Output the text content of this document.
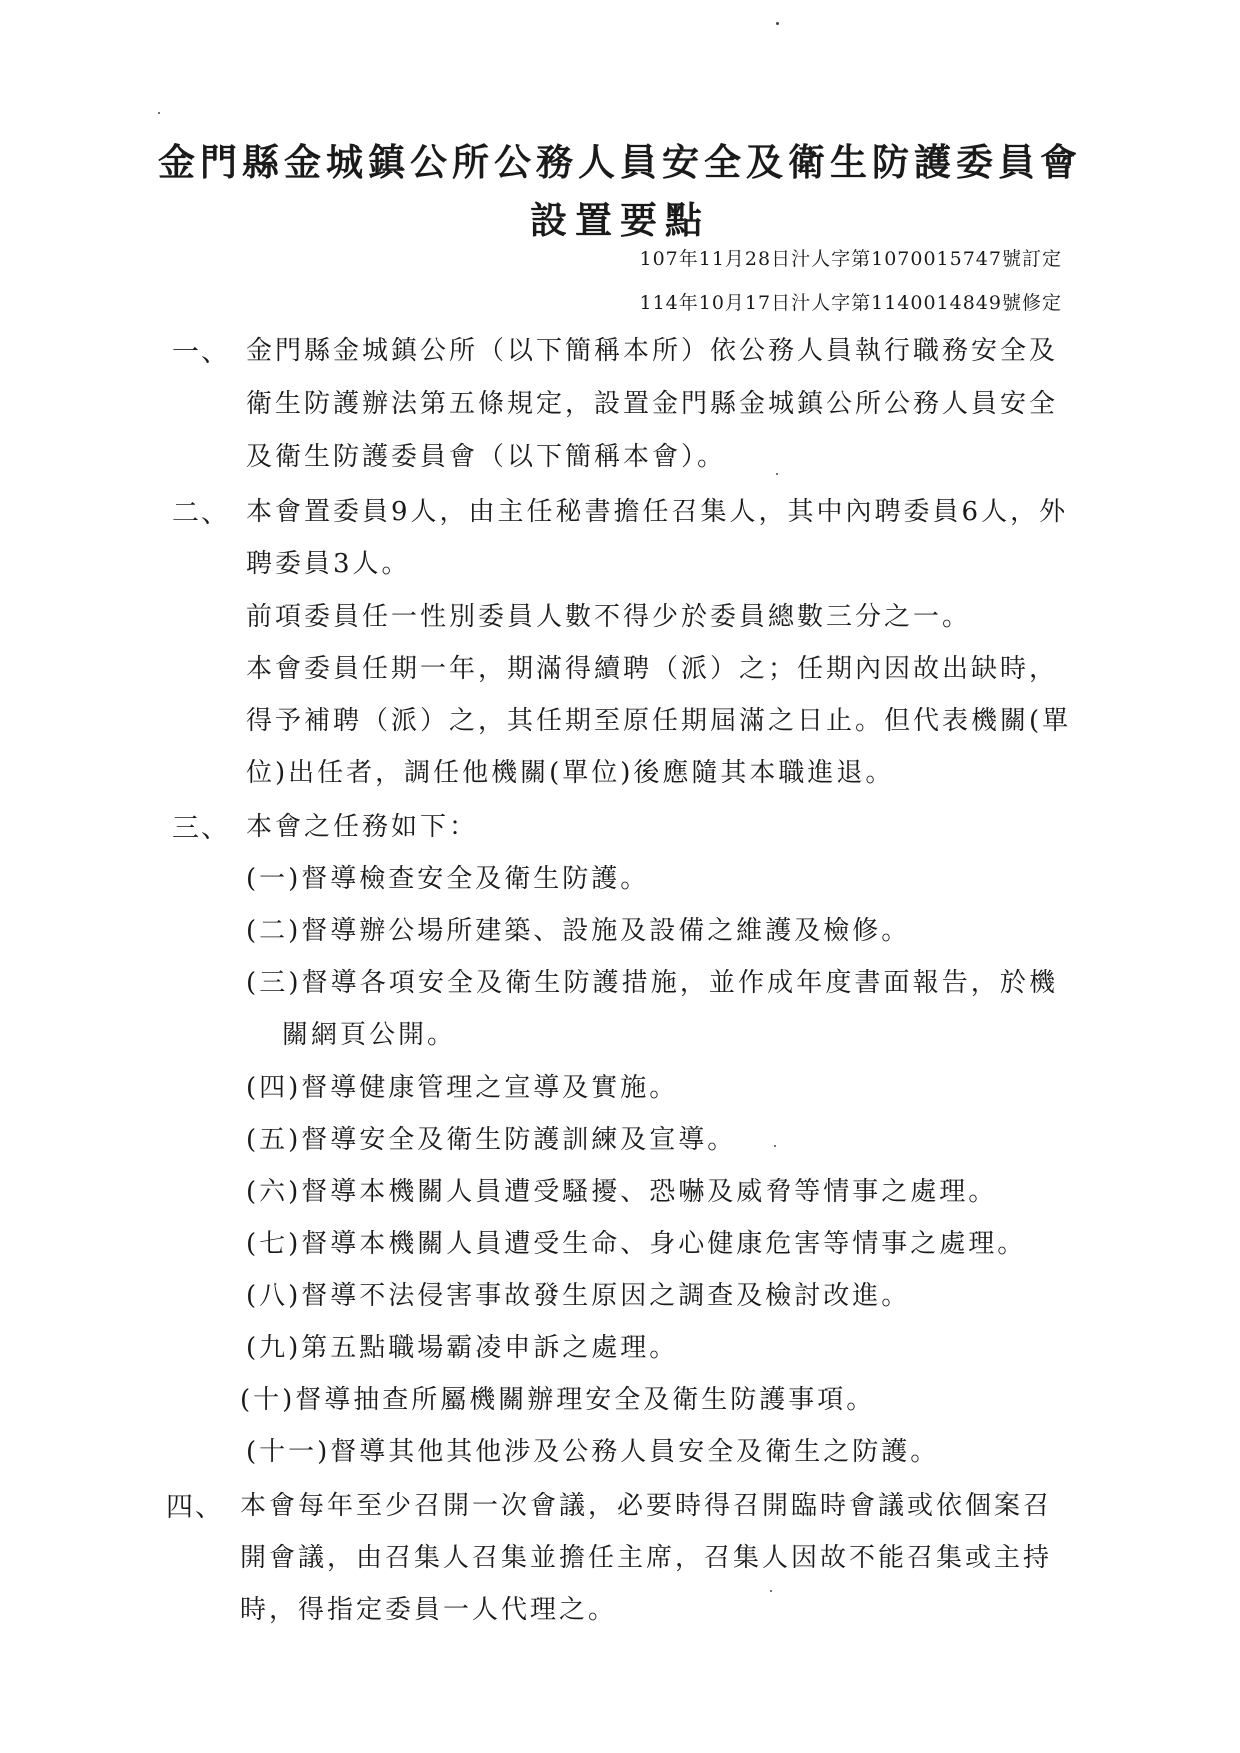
金門縣金城鎮公所公務人員安全及衛生防護委員會
設置要點
107年11月28日汁人字第1070015747號訂定
114年10月17日汁人字第1140014849號修定
一、 金門縣金城鎮公所（以下簡稱本所）依公務人員執行職務安全及
衛生防護辦法第五條規定，設置金門縣金城鎮公所公務人員安全
及衛生防護委員會（以下簡稱本會）。
二、 本會置委員9人，由主任秘書擔任召集人，其中內聘委員6人，外
聘委員3人。
前項委員任一性別委員人數不得少於委員總數三分之一。
本會委員任期一年，期滿得續聘（派）之；任期內因故出缺時，
得予補聘（派）之，其任期至原任期屆滿之日止。但代表機關(單
位)出任者，調任他機關(單位)後應隨其本職進退。
三、 本會之任務如下：
(一)督導檢查安全及衛生防護。
(二)督導辦公場所建築、設施及設備之維護及檢修。
(三)督導各項安全及衛生防護措施，並作成年度書面報告，於機
關網頁公開。
(四)督導健康管理之宣導及實施。
(五)督導安全及衛生防護訓練及宣導。
(六)督導本機關人員遭受騷擾、恐嚇及威脅等情事之處理。
(七)督導本機關人員遭受生命、身心健康危害等情事之處理。
(八)督導不法侵害事故發生原因之調查及檢討改進。
(九)第五點職場霸凌申訴之處理。
(十)督導抽查所屬機關辦理安全及衛生防護事項。
(十一)督導其他其他涉及公務人員安全及衛生之防護。
四、 本會每年至少召開一次會議，必要時得召開臨時會議或依個案召
開會議，由召集人召集並擔任主席，召集人因故不能召集或主持
時，得指定委員一人代理之。
